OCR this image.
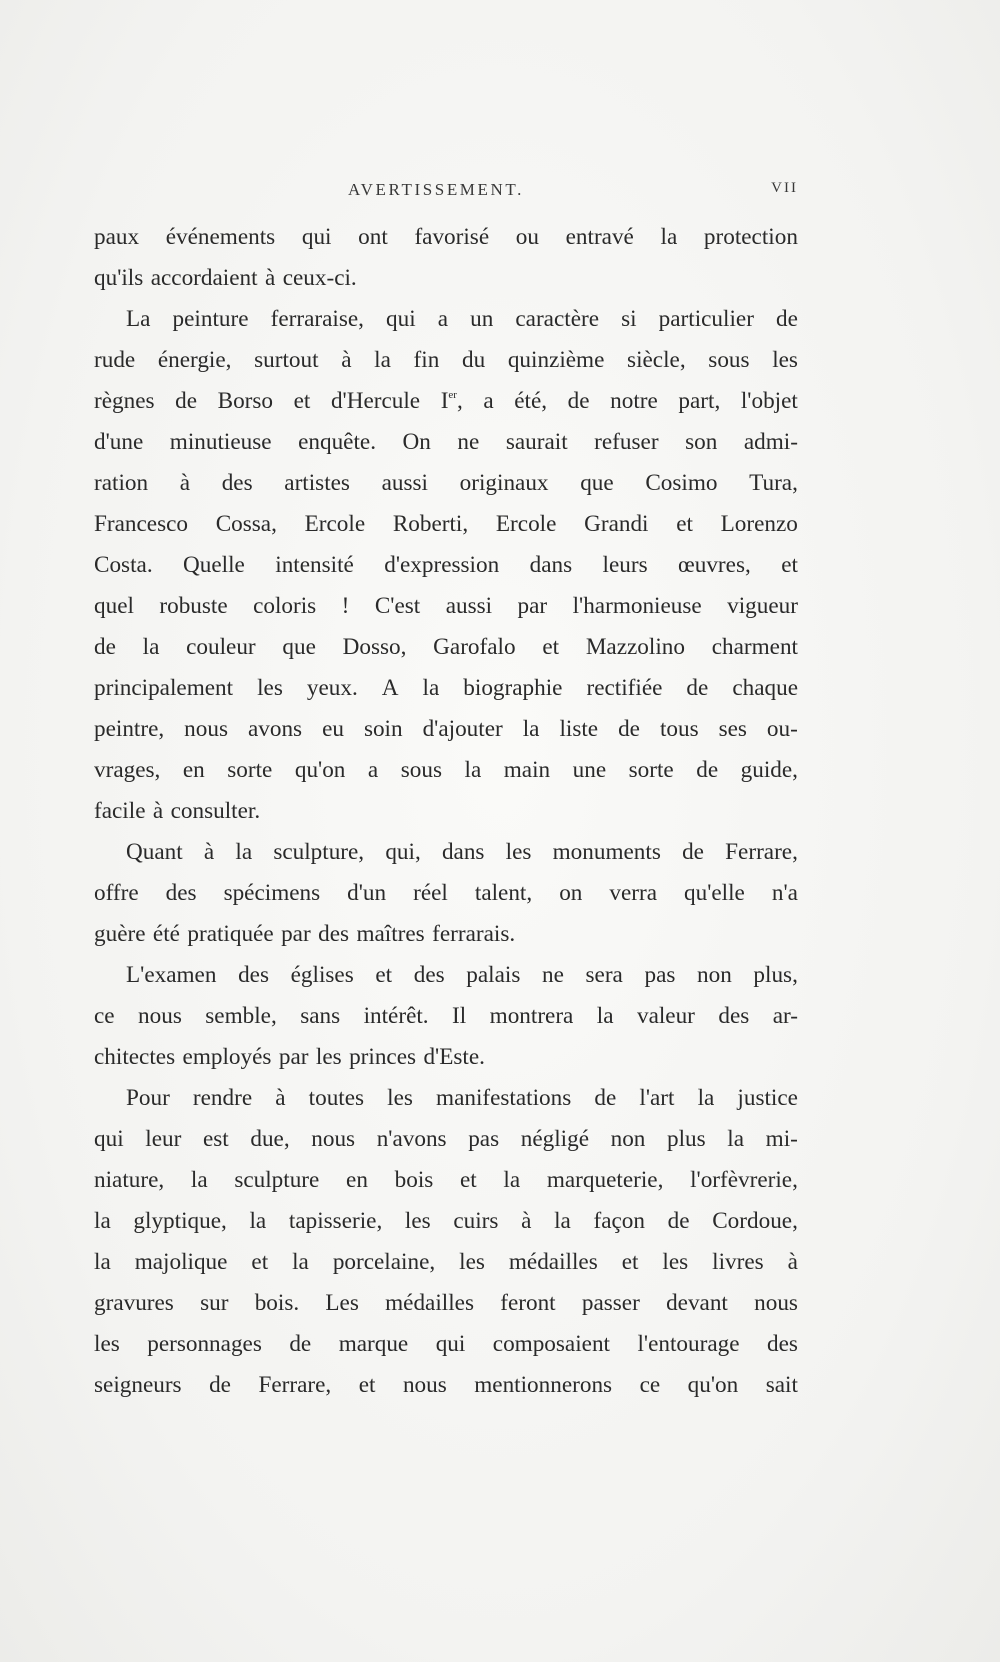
AVERTISSEMENT.	VII
paux événements qui ont favorisé ou entravé la protection
qu'ils accordaient à ceux-ci.
La peinture ferraraise, qui a un caractère si particulier de
rude énergie, surtout à la fin du quinzième siècle, sous les
règnes de Borso et d'Hercule Ier, a été, de notre part, l'objet
d'une minutieuse enquête. On ne saurait refuser son admi-
ration à des artistes aussi originaux que Cosimo Tura,
Francesco Cossa, Ercole Roberti, Ercole Grandi et Lorenzo
Costa. Quelle intensité d'expression dans leurs œuvres, et
quel robuste coloris ! C'est aussi par l'harmonieuse vigueur
de la couleur que Dosso, Garofalo et Mazzolino charment
principalement les yeux. A la biographie rectifiée de chaque
peintre, nous avons eu soin d'ajouter la liste de tous ses ou-
vrages, en sorte qu'on a sous la main une sorte de guide,
facile à consulter.
Quant à la sculpture, qui, dans les monuments de Ferrare,
offre des spécimens d'un réel talent, on verra qu'elle n'a
guère été pratiquée par des maîtres ferrarais.
L'examen des églises et des palais ne sera pas non plus,
ce nous semble, sans intérêt. Il montrera la valeur des ar-
chitectes employés par les princes d'Este.
Pour rendre à toutes les manifestations de l'art la justice
qui leur est due, nous n'avons pas négligé non plus la mi-
niature, la sculpture en bois et la marqueterie, l'orfèvrerie,
la glyptique, la tapisserie, les cuirs à la façon de Cordoue,
la majolique et la porcelaine, les médailles et les livres à
gravures sur bois. Les médailles feront passer devant nous
les personnages de marque qui composaient l'entourage des
seigneurs de Ferrare, et nous mentionnerons ce qu'on sait
